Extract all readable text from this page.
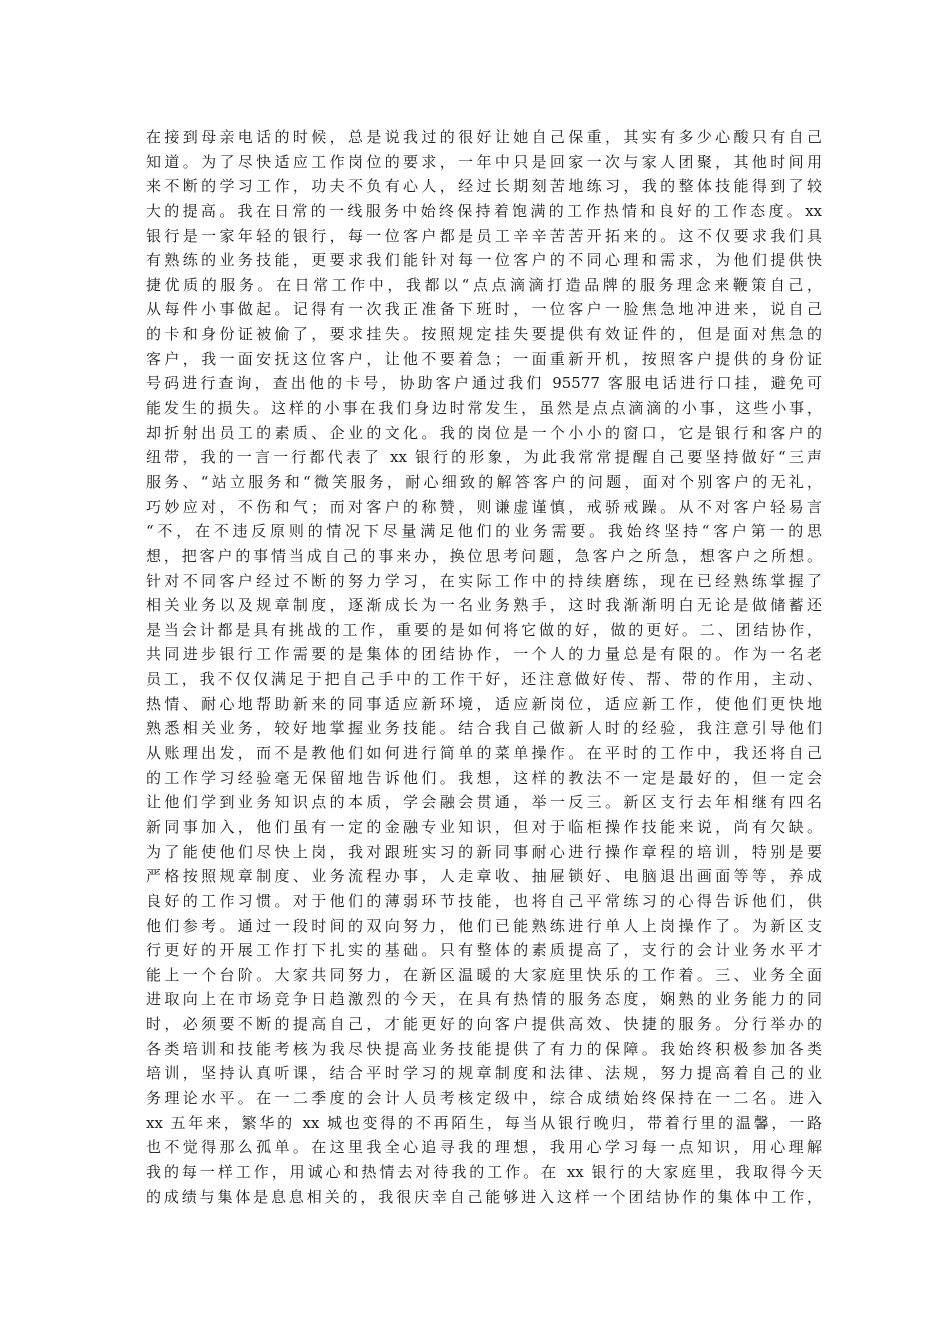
在接到母亲电话的时候，总是说我过的很好让她自己保重，其实有多少心酸只有自己
知道。为了尽快适应工作岗位的要求，一年中只是回家一次与家人团聚，其他时间用
来不断的学习工作，功夫不负有心人，经过长期刻苦地练习，我的整体技能得到了较
大的提高。我在日常的一线服务中始终保持着饱满的工作热情和良好的工作态度。xx
银行是一家年轻的银行，每一位客户都是员工辛辛苦苦开拓来的。这不仅要求我们具
有熟练的业务技能，更要求我们能针对每一位客户的不同心理和需求，为他们提供快
捷优质的服务。在日常工作中，我都以“点点滴滴打造品牌的服务理念来鞭策自己，
从每件小事做起。记得有一次我正准备下班时，一位客户一脸焦急地冲进来，说自己
的卡和身份证被偷了，要求挂失。按照规定挂失要提供有效证件的，但是面对焦急的
客户，我一面安抚这位客户，让他不要着急；一面重新开机，按照客户提供的身份证
号码进行查询，查出他的卡号，协助客户通过我们 95577 客服电话进行口挂，避免可
能发生的损失。这样的小事在我们身边时常发生，虽然是点点滴滴的小事，这些小事，
却折射出员工的素质、企业的文化。我的岗位是一个小小的窗口，它是银行和客户的
纽带，我的一言一行都代表了 xx 银行的形象，为此我常常提醒自己要坚持做好“三声
服务、“站立服务和“微笑服务，耐心细致的解答客户的问题，面对个别客户的无礼，
巧妙应对，不伤和气；而对客户的称赞，则谦虚谨慎，戒骄戒躁。从不对客户轻易言
“不，在不违反原则的情况下尽量满足他们的业务需要。我始终坚持“客户第一的思
想，把客户的事情当成自己的事来办，换位思考问题，急客户之所急，想客户之所想。
针对不同客户经过不断的努力学习，在实际工作中的持续磨练，现在已经熟练掌握了
相关业务以及规章制度，逐渐成长为一名业务熟手，这时我渐渐明白无论是做储蓄还
是当会计都是具有挑战的工作，重要的是如何将它做的好，做的更好。二、团结协作，
共同进步银行工作需要的是集体的团结协作，一个人的力量总是有限的。作为一名老
员工，我不仅仅满足于把自己手中的工作干好，还注意做好传、帮、带的作用，主动、
热情、耐心地帮助新来的同事适应新环境，适应新岗位，适应新工作，使他们更快地
熟悉相关业务，较好地掌握业务技能。结合我自己做新人时的经验，我注意引导他们
从账理出发，而不是教他们如何进行简单的菜单操作。在平时的工作中，我还将自己
的工作学习经验毫无保留地告诉他们。我想，这样的教法不一定是最好的，但一定会
让他们学到业务知识点的本质，学会融会贯通，举一反三。新区支行去年相继有四名
新同事加入，他们虽有一定的金融专业知识，但对于临柜操作技能来说，尚有欠缺。
为了能使他们尽快上岗，我对跟班实习的新同事耐心进行操作章程的培训，特别是要
严格按照规章制度、业务流程办事，人走章收、抽屉锁好、电脑退出画面等等，养成
良好的工作习惯。对于他们的薄弱环节技能，也将自己平常练习的心得告诉他们，供
他们参考。通过一段时间的双向努力，他们已能熟练进行单人上岗操作了。为新区支
行更好的开展工作打下扎实的基础。只有整体的素质提高了，支行的会计业务水平才
能上一个台阶。大家共同努力，在新区温暖的大家庭里快乐的工作着。三、业务全面
进取向上在市场竞争日趋激烈的今天，在具有热情的服务态度，娴熟的业务能力的同
时，必须要不断的提高自己，才能更好的向客户提供高效、快捷的服务。分行举办的
各类培训和技能考核为我尽快提高业务技能提供了有力的保障。我始终积极参加各类
培训，坚持认真听课，结合平时学习的规章制度和法律、法规，努力提高着自己的业
务理论水平。在一二季度的会计人员考核定级中，综合成绩始终保持在一二名。进入
xx 五年来，繁华的 xx 城也变得的不再陌生，每当从银行晚归，带着行里的温馨，一路
也不觉得那么孤单。在这里我全心追寻我的理想，我用心学习每一点知识，用心理解
我的每一样工作，用诚心和热情去对待我的工作。在 xx 银行的大家庭里，我取得今天
的成绩与集体是息息相关的，我很庆幸自己能够进入这样一个团结协作的集体中工作，
